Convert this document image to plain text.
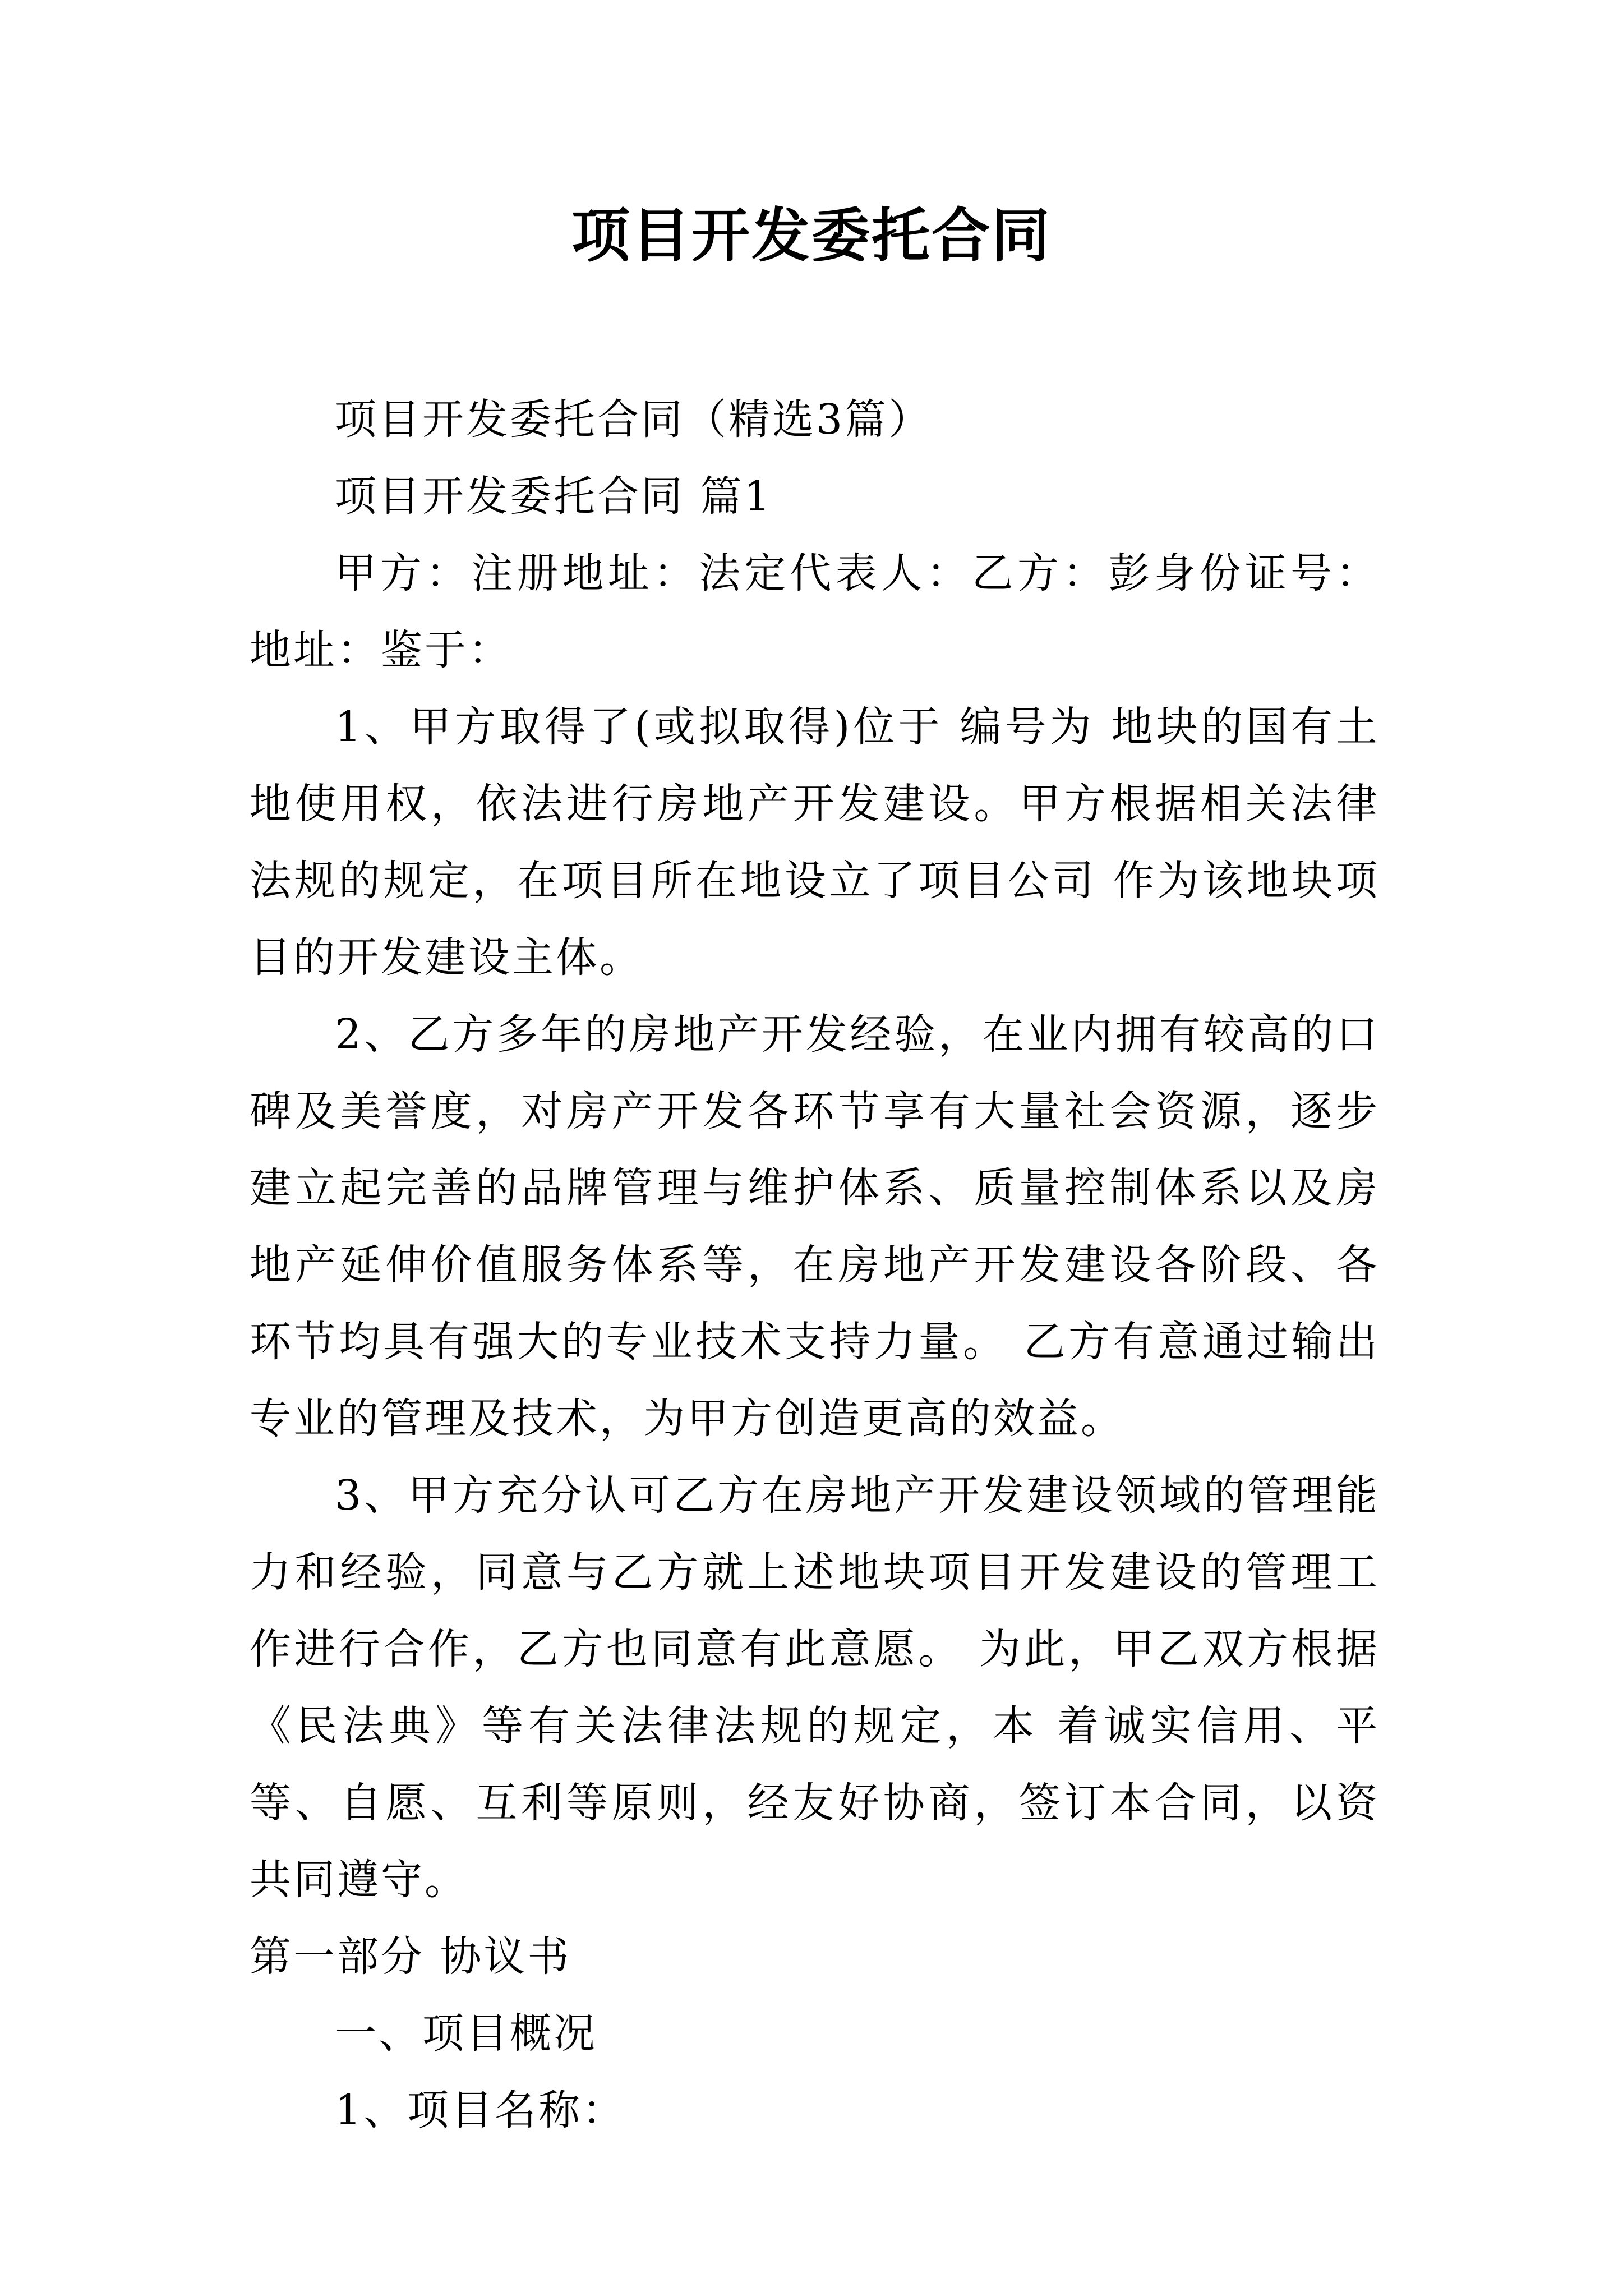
项目开发委托合同

项目开发委托合同（精选3篇）

项目开发委托合同 篇1

甲方：注册地址：法定代表人：乙方：彭身份证号：地址：鉴于：

1、甲方取得了(或拟取得)位于 编号为 地块的国有土地使用权，依法进行房地产开发建设。甲方根据相关法律法规的规定，在项目所在地设立了项目公司 作为该地块项目的开发建设主体。

2、乙方多年的房地产开发经验，在业内拥有较高的口碑及美誉度，对房产开发各环节享有大量社会资源，逐步建立起完善的品牌管理与维护体系、质量控制体系以及房地产延伸价值服务体系等，在房地产开发建设各阶段、各环节均具有强大的专业技术支持力量。 乙方有意通过输出专业的管理及技术，为甲方创造更高的效益。

3、甲方充分认可乙方在房地产开发建设领域的管理能力和经验，同意与乙方就上述地块项目开发建设的管理工作进行合作，乙方也同意有此意愿。 为此，甲乙双方根据《民法典》等有关法律法规的规定，本 着诚实信用、平等、自愿、互利等原则，经友好协商，签订本合同，以资共同遵守。

第一部分 协议书

一、项目概况

1、项目名称：
